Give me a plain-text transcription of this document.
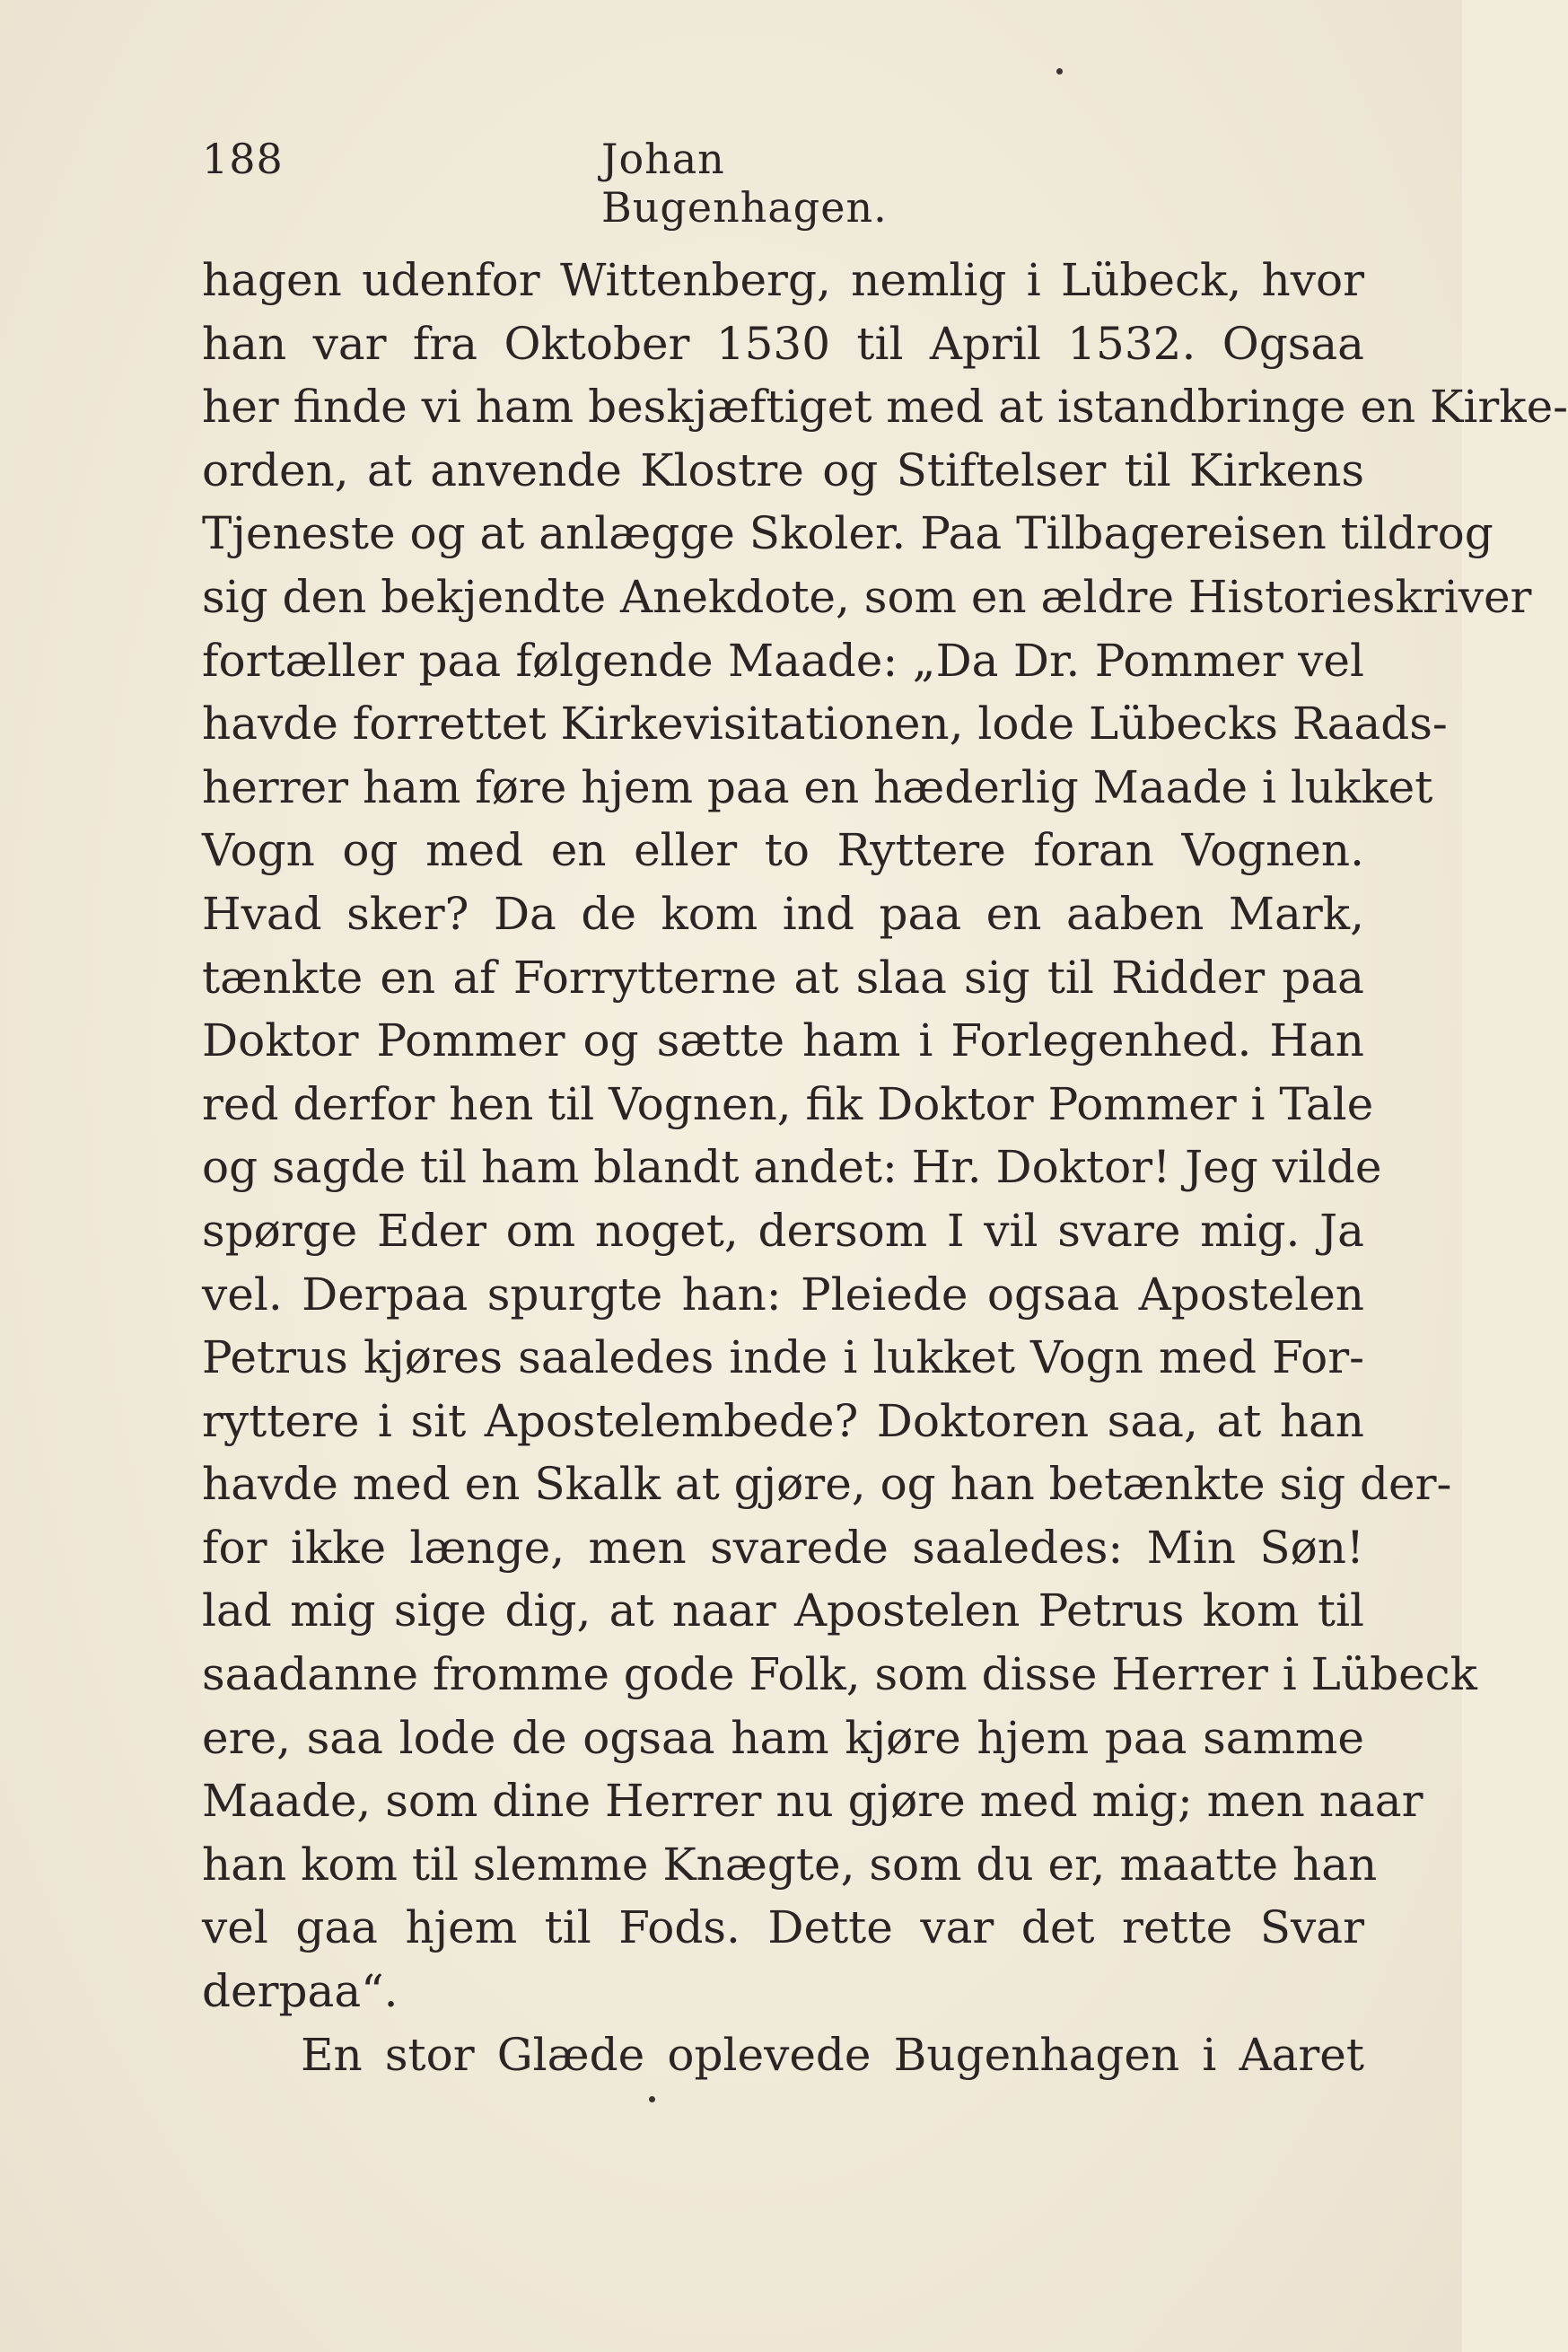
188	Johan Bugenhagen.
hagen udenfor Wittenberg, nemlig i Lübeck, hvor
han var fra Oktober 1530 til April 1532. Ogsaa
her finde vi ham beskjæftiget med at istandbringe en Kirke-
orden, at anvende Klostre og Stiftelser til Kirkens
Tjeneste og at anlægge Skoler. Paa Tilbagereisen tildrog
sig den bekjendte Anekdote, som en ældre Historieskriver
fortæller paa følgende Maade: „Da Dr. Pommer vel
havde forrettet Kirkevisitationen, lode Lübecks Raads-
herrer ham føre hjem paa en hæderlig Maade i lukket
Vogn og med en eller to Ryttere foran Vognen.
Hvad sker? Da de kom ind paa en aaben Mark,
tænkte en af Forrytterne at slaa sig til Ridder paa
Doktor Pommer og sætte ham i Forlegenhed. Han
red derfor hen til Vognen, fik Doktor Pommer i Tale
og sagde til ham blandt andet: Hr. Doktor! Jeg vilde
spørge Eder om noget, dersom I vil svare mig. Ja
vel. Derpaa spurgte han: Pleiede ogsaa Apostelen
Petrus kjøres saaledes inde i lukket Vogn med For-
ryttere i sit Apostelembede? Doktoren saa, at han
havde med en Skalk at gjøre, og han betænkte sig der-
for ikke længe, men svarede saaledes: Min Søn!
lad mig sige dig, at naar Apostelen Petrus kom til
saadanne fromme gode Folk, som disse Herrer i Lübeck
ere, saa lode de ogsaa ham kjøre hjem paa samme
Maade, som dine Herrer nu gjøre med mig; men naar
han kom til slemme Knægte, som du er, maatte han
vel gaa hjem til Fods. Dette var det rette Svar
derpaa“.
En stor Glæde oplevede Bugenhagen i Aaret
